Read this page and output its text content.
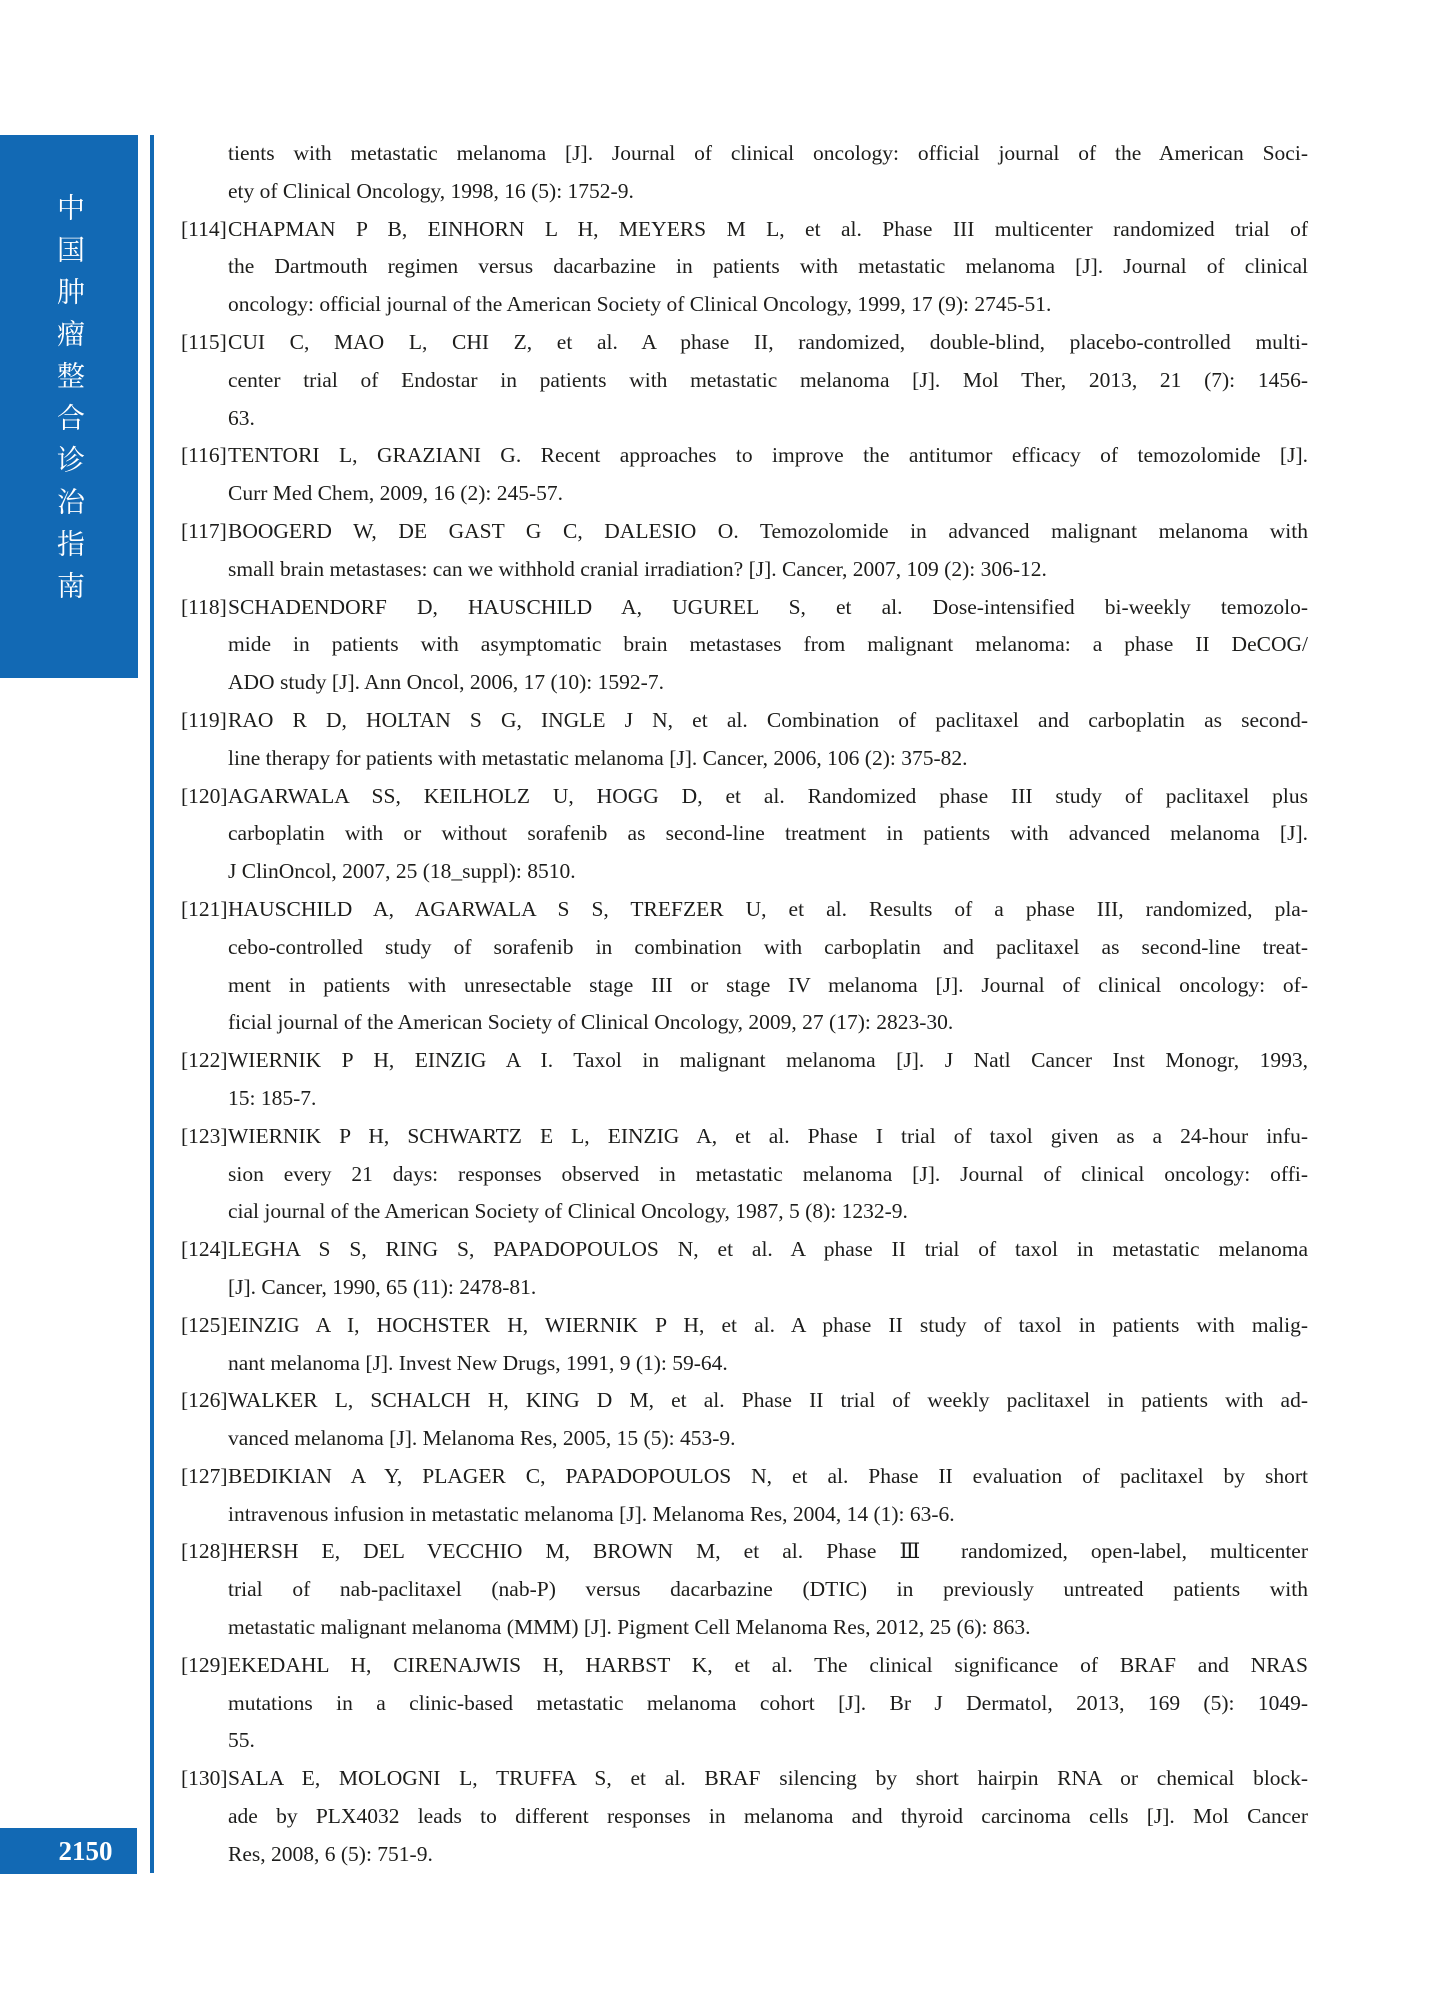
中国肿瘤整合诊治指南
tients with metastatic melanoma [J]. Journal of clinical oncology: official journal of the American Soci-
ety of Clinical Oncology, 1998, 16 (5): 1752-9.
[114]CHAPMAN P B, EINHORN L H, MEYERS M L, et al. Phase III multicenter randomized trial of
the Dartmouth regimen versus dacarbazine in patients with metastatic melanoma [J]. Journal of clinical
oncology: official journal of the American Society of Clinical Oncology, 1999, 17 (9): 2745-51.
[115]CUI C, MAO L, CHI Z, et al. A phase II, randomized, double-blind, placebo-controlled multi-
center trial of Endostar in patients with metastatic melanoma [J]. Mol Ther, 2013, 21 (7): 1456-
63.
[116]TENTORI L, GRAZIANI G. Recent approaches to improve the antitumor efficacy of temozolomide [J].
Curr Med Chem, 2009, 16 (2): 245-57.
[117]BOOGERD W, DE GAST G C, DALESIO O. Temozolomide in advanced malignant melanoma with
small brain metastases: can we withhold cranial irradiation? [J]. Cancer, 2007, 109 (2): 306-12.
[118]SCHADENDORF D, HAUSCHILD A, UGUREL S, et al. Dose-intensified bi-weekly temozolo-
mide in patients with asymptomatic brain metastases from malignant melanoma: a phase II DeCOG/
ADO study [J]. Ann Oncol, 2006, 17 (10): 1592-7.
[119]RAO R D, HOLTAN S G, INGLE J N, et al. Combination of paclitaxel and carboplatin as second-
line therapy for patients with metastatic melanoma [J]. Cancer, 2006, 106 (2): 375-82.
[120]AGARWALA SS, KEILHOLZ U, HOGG D, et al. Randomized phase III study of paclitaxel plus
carboplatin with or without sorafenib as second-line treatment in patients with advanced melanoma [J].
J ClinOncol, 2007, 25 (18_suppl): 8510.
[121]HAUSCHILD A, AGARWALA S S, TREFZER U, et al. Results of a phase III, randomized, pla-
cebo-controlled study of sorafenib in combination with carboplatin and paclitaxel as second-line treat-
ment in patients with unresectable stage III or stage IV melanoma [J]. Journal of clinical oncology: of-
ficial journal of the American Society of Clinical Oncology, 2009, 27 (17): 2823-30.
[122]WIERNIK P H, EINZIG A I. Taxol in malignant melanoma [J]. J Natl Cancer Inst Monogr, 1993,
15: 185-7.
[123]WIERNIK P H, SCHWARTZ E L, EINZIG A, et al. Phase I trial of taxol given as a 24-hour infu-
sion every 21 days: responses observed in metastatic melanoma [J]. Journal of clinical oncology: offi-
cial journal of the American Society of Clinical Oncology, 1987, 5 (8): 1232-9.
[124]LEGHA S S, RING S, PAPADOPOULOS N, et al. A phase II trial of taxol in metastatic melanoma
[J]. Cancer, 1990, 65 (11): 2478-81.
[125]EINZIG A I, HOCHSTER H, WIERNIK P H, et al. A phase II study of taxol in patients with malig-
nant melanoma [J]. Invest New Drugs, 1991, 9 (1): 59-64.
[126]WALKER L, SCHALCH H, KING D M, et al. Phase II trial of weekly paclitaxel in patients with ad-
vanced melanoma [J]. Melanoma Res, 2005, 15 (5): 453-9.
[127]BEDIKIAN A Y, PLAGER C, PAPADOPOULOS N, et al. Phase II evaluation of paclitaxel by short
intravenous infusion in metastatic melanoma [J]. Melanoma Res, 2004, 14 (1): 63-6.
[128]HERSH E, DEL VECCHIO M, BROWN M, et al. Phase Ⅲ randomized, open-label, multicenter
trial of nab-paclitaxel (nab-P) versus dacarbazine (DTIC) in previously untreated patients with
metastatic malignant melanoma (MMM) [J]. Pigment Cell Melanoma Res, 2012, 25 (6): 863.
[129]EKEDAHL H, CIRENAJWIS H, HARBST K, et al. The clinical significance of BRAF and NRAS
mutations in a clinic-based metastatic melanoma cohort [J]. Br J Dermatol, 2013, 169 (5): 1049-
55.
[130]SALA E, MOLOGNI L, TRUFFA S, et al. BRAF silencing by short hairpin RNA or chemical block-
ade by PLX4032 leads to different responses in melanoma and thyroid carcinoma cells [J]. Mol Cancer
Res, 2008, 6 (5): 751-9.
2150
